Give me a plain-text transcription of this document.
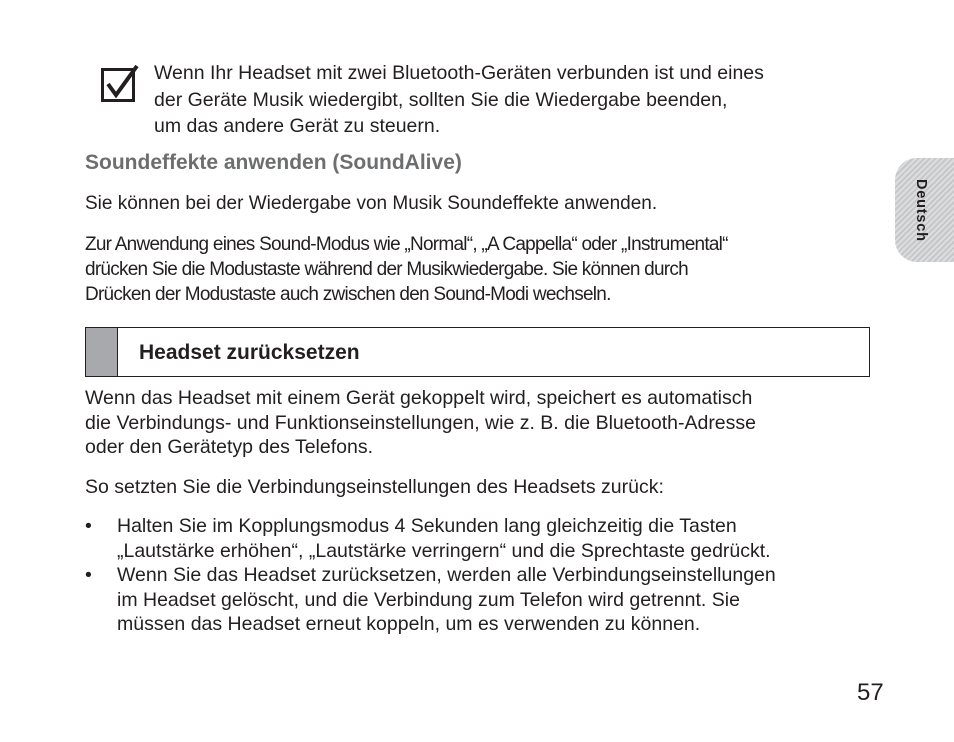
Wenn Ihr Headset mit zwei Bluetooth-Geräten verbunden ist und eines
der Geräte Musik wiedergibt, sollten Sie die Wiedergabe beenden,
um das andere Gerät zu steuern.
Soundeffekte anwenden (SoundAlive)
Sie können bei der Wiedergabe von Musik Soundeffekte anwenden.
Zur Anwendung eines Sound-Modus wie „Normal“, „A Cappella“ oder „Instrumental“
drücken Sie die Modustaste während der Musikwiedergabe. Sie können durch
Drücken der Modustaste auch zwischen den Sound-Modi wechseln.
Headset zurücksetzen
Wenn das Headset mit einem Gerät gekoppelt wird, speichert es automatisch
die Verbindungs- und Funktionseinstellungen, wie z. B. die Bluetooth-Adresse
oder den Gerätetyp des Telefons.
So setzten Sie die Verbindungseinstellungen des Headsets zurück:
• Halten Sie im Kopplungsmodus 4 Sekunden lang gleichzeitig die Tasten
„Lautstärke erhöhen“, „Lautstärke verringern“ und die Sprechtaste gedrückt.
• Wenn Sie das Headset zurücksetzen, werden alle Verbindungseinstellungen
im Headset gelöscht, und die Verbindung zum Telefon wird getrennt. Sie
müssen das Headset erneut koppeln, um es verwenden zu können.
Deutsch
57
